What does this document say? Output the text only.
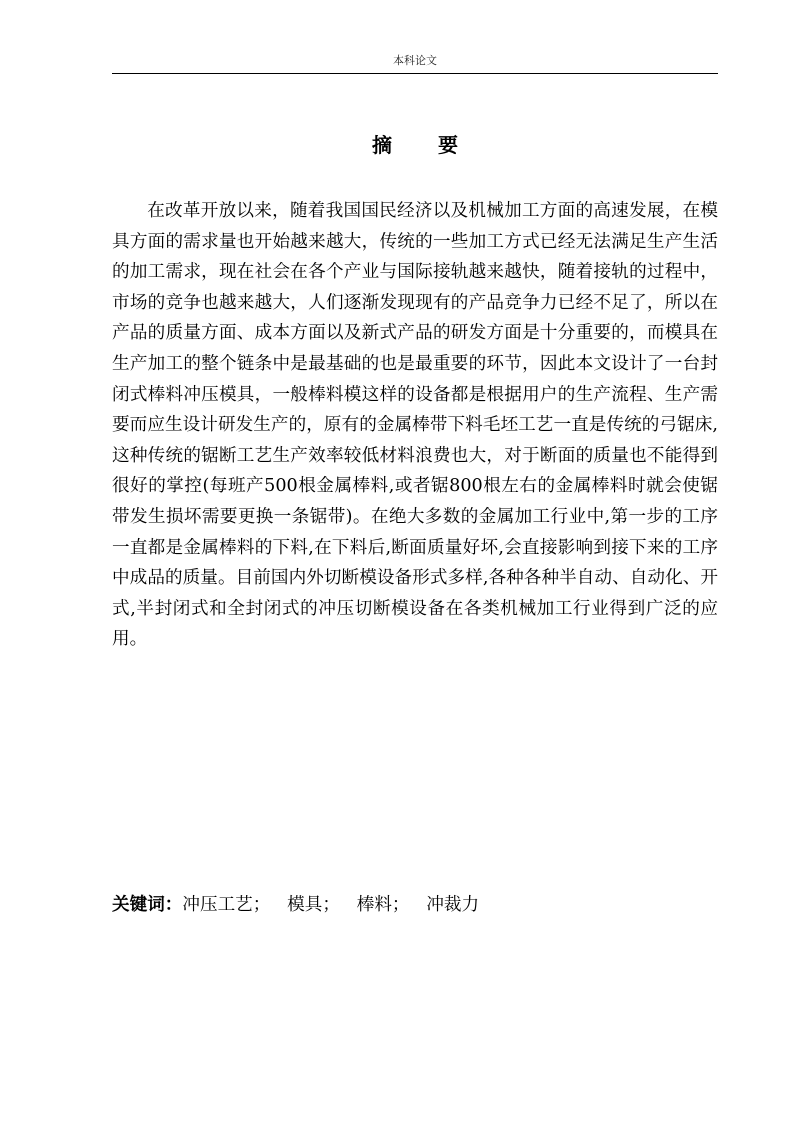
本科论文
摘 要

在改革开放以来，随着我国国民经济以及机械加工方面的高速发展，在模具方面的需求量也开始越来越大，传统的一些加工方式已经无法满足生产生活的加工需求，现在社会在各个产业与国际接轨越来越快，随着接轨的过程中，市场的竞争也越来越大，人们逐渐发现现有的产品竞争力已经不足了，所以在产品的质量方面、成本方面以及新式产品的研发方面是十分重要的，而模具在生产加工的整个链条中是最基础的也是最重要的环节，因此本文设计了一台封闭式棒料冲压模具，一般棒料模这样的设备都是根据用户的生产流程、生产需要而应生设计研发生产的，原有的金属棒带下料毛坯工艺一直是传统的弓锯床,这种传统的锯断工艺生产效率较低材料浪费也大，对于断面的质量也不能得到很好的掌控(每班产500根金属棒料,或者锯800根左右的金属棒料时就会使锯带发生损坏需要更换一条锯带)。在绝大多数的金属加工行业中,第一步的工序一直都是金属棒料的下料,在下料后,断面质量好坏,会直接影响到接下来的工序中成品的质量。目前国内外切断模设备形式多样,各种各种半自动、自动化、开式,半封闭式和全封闭式的冲压切断模设备在各类机械加工行业得到广泛的应用。

关键词：冲压工艺； 模具； 棒料； 冲裁力
